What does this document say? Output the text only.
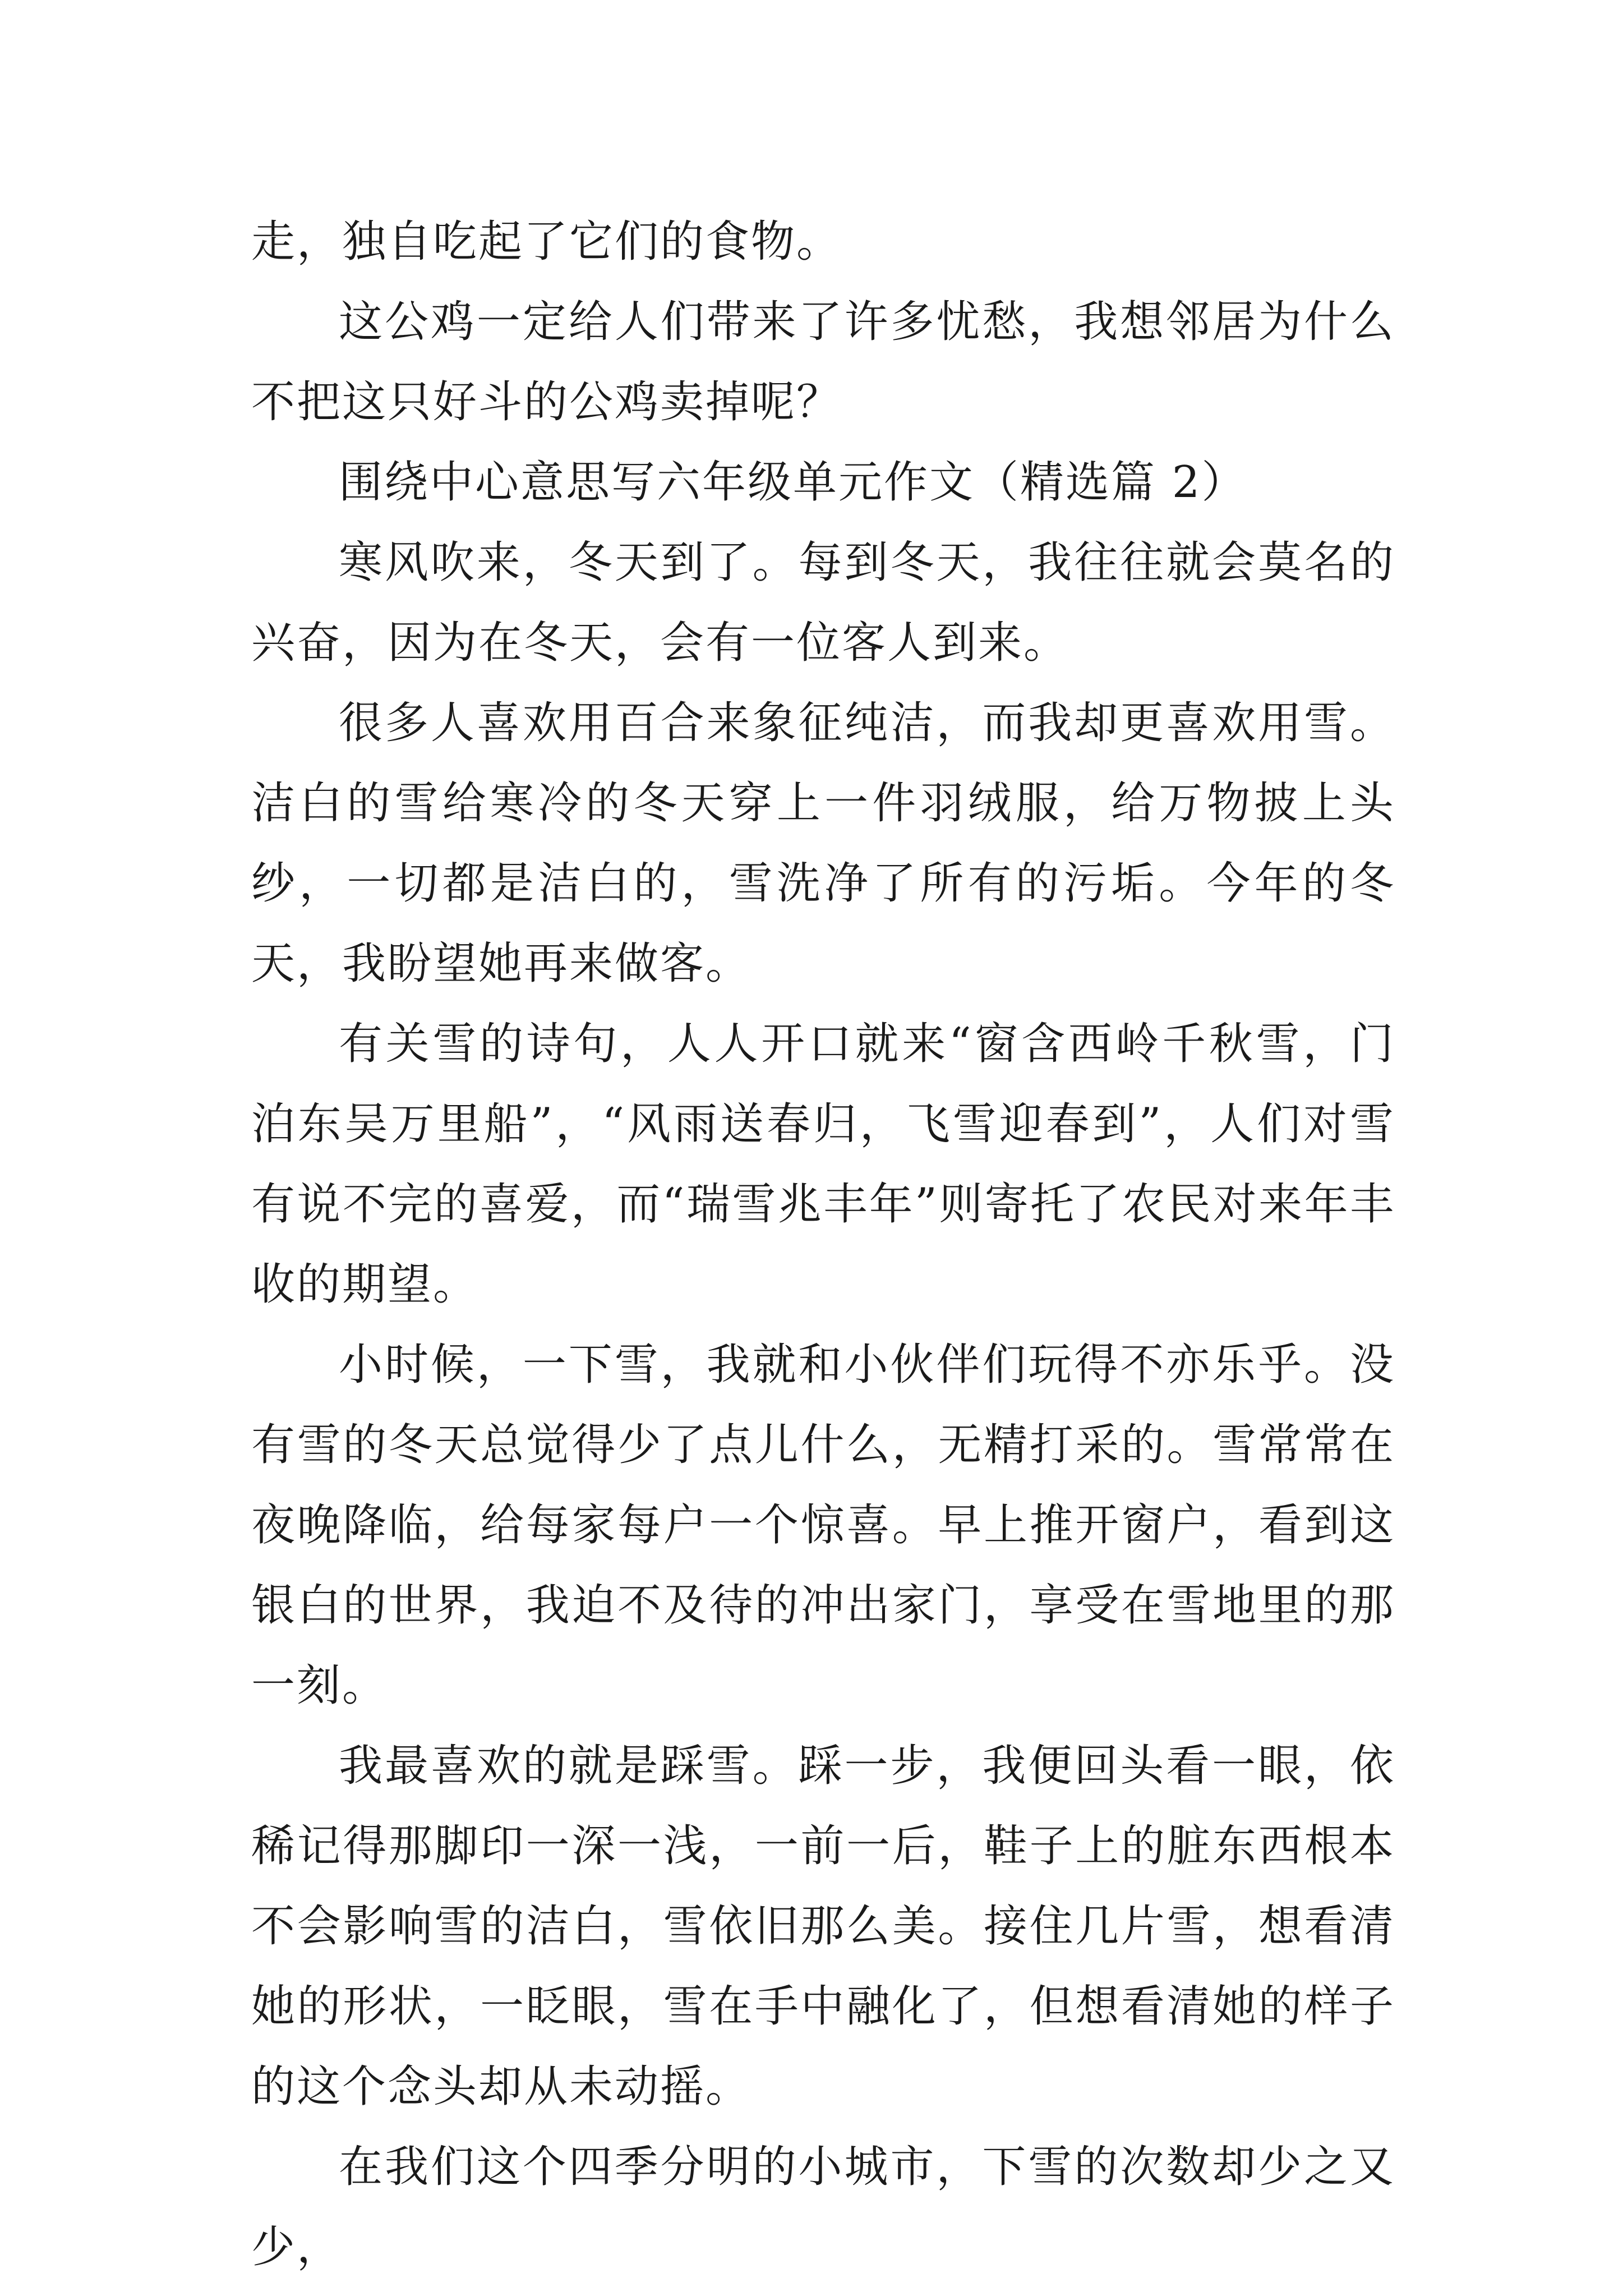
走，独自吃起了它们的食物。

这公鸡一定给人们带来了许多忧愁，我想邻居为什么不把这只好斗的公鸡卖掉呢？

围绕中心意思写六年级单元作文（精选篇 2）

寒风吹来，冬天到了。每到冬天，我往往就会莫名的兴奋，因为在冬天，会有一位客人到来。

很多人喜欢用百合来象征纯洁，而我却更喜欢用雪。洁白的雪给寒冷的冬天穿上一件羽绒服，给万物披上头纱，一切都是洁白的，雪洗净了所有的污垢。今年的冬天，我盼望她再来做客。

有关雪的诗句，人人开口就来“窗含西岭千秋雪，门泊东吴万里船”，“风雨送春归，飞雪迎春到”，人们对雪有说不完的喜爱，而“瑞雪兆丰年”则寄托了农民对来年丰收的期望。

小时候，一下雪，我就和小伙伴们玩得不亦乐乎。没有雪的冬天总觉得少了点儿什么，无精打采的。雪常常在夜晚降临，给每家每户一个惊喜。早上推开窗户，看到这银白的世界，我迫不及待的冲出家门，享受在雪地里的那一刻。

我最喜欢的就是踩雪。踩一步，我便回头看一眼，依稀记得那脚印一深一浅，一前一后，鞋子上的脏东西根本不会影响雪的洁白，雪依旧那么美。接住几片雪，想看清她的形状，一眨眼，雪在手中融化了，但想看清她的样子的这个念头却从未动摇。

在我们这个四季分明的小城市，下雪的次数却少之又少，
